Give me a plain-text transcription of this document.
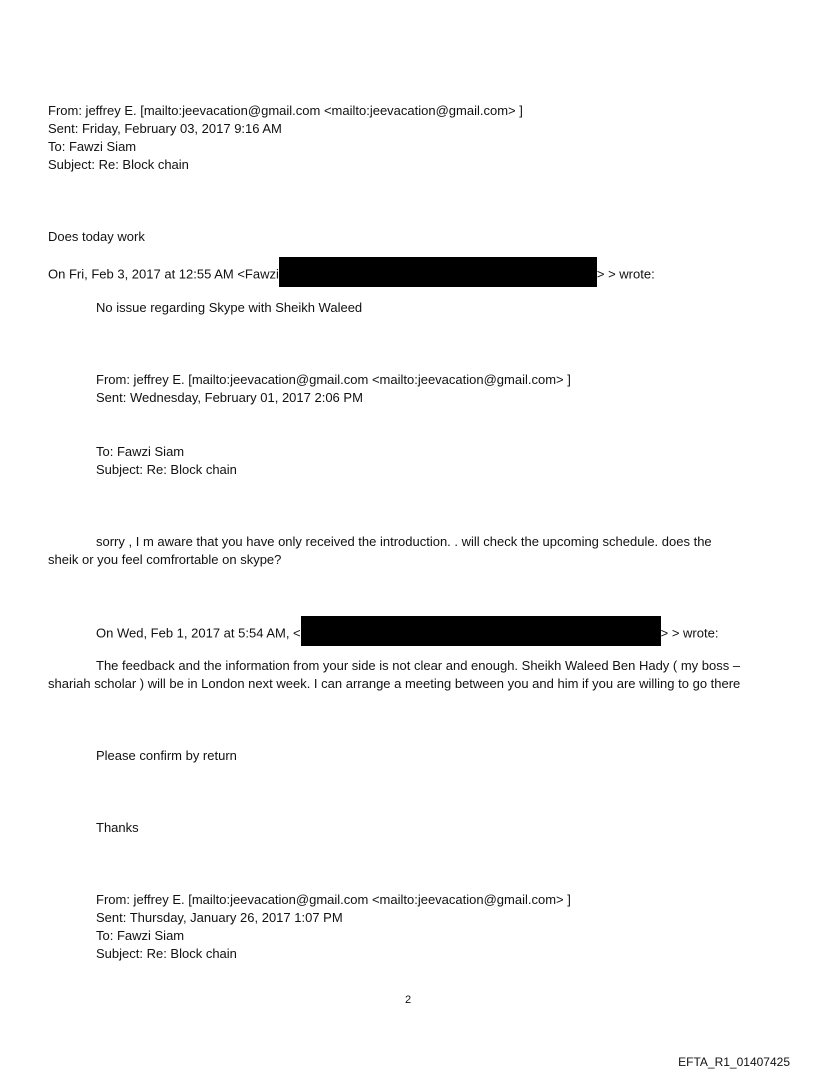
From: jeffrey E. [mailto:jeevacation@gmail.com <mailto:jeevacation@gmail.com> ]
Sent: Friday, February 03, 2017 9:16 AM
To: Fawzi Siam
Subject: Re: Block chain
Does today work
On Fri, Feb 3, 2017 at 12:55 AM <Fawzi	> > wrote:
No issue regarding Skype with Sheikh Waleed
From: jeffrey E. [mailto:jeevacation@gmail.com <mailto:jeevacation@gmail.com> ]
Sent: Wednesday, February 01, 2017 2:06 PM
To: Fawzi Siam
Subject: Re: Block chain
sorry , I m aware that you have only received the introduction. . will check the upcoming schedule. does the
sheik or you feel comfrortable on skype?
On Wed, Feb 1, 2017 at 5:54 AM, <	> > wrote:
The feedback and the information from your side is not clear and enough. Sheikh Waleed Ben Hady ( my boss –
shariah scholar ) will be in London next week. I can arrange a meeting between you and him if you are willing to go there
Please confirm by return
Thanks
From: jeffrey E. [mailto:jeevacation@gmail.com <mailto:jeevacation@gmail.com> ]
Sent: Thursday, January 26, 2017 1:07 PM
To: Fawzi Siam
Subject: Re: Block chain
2
EFTA_R1_01407425
